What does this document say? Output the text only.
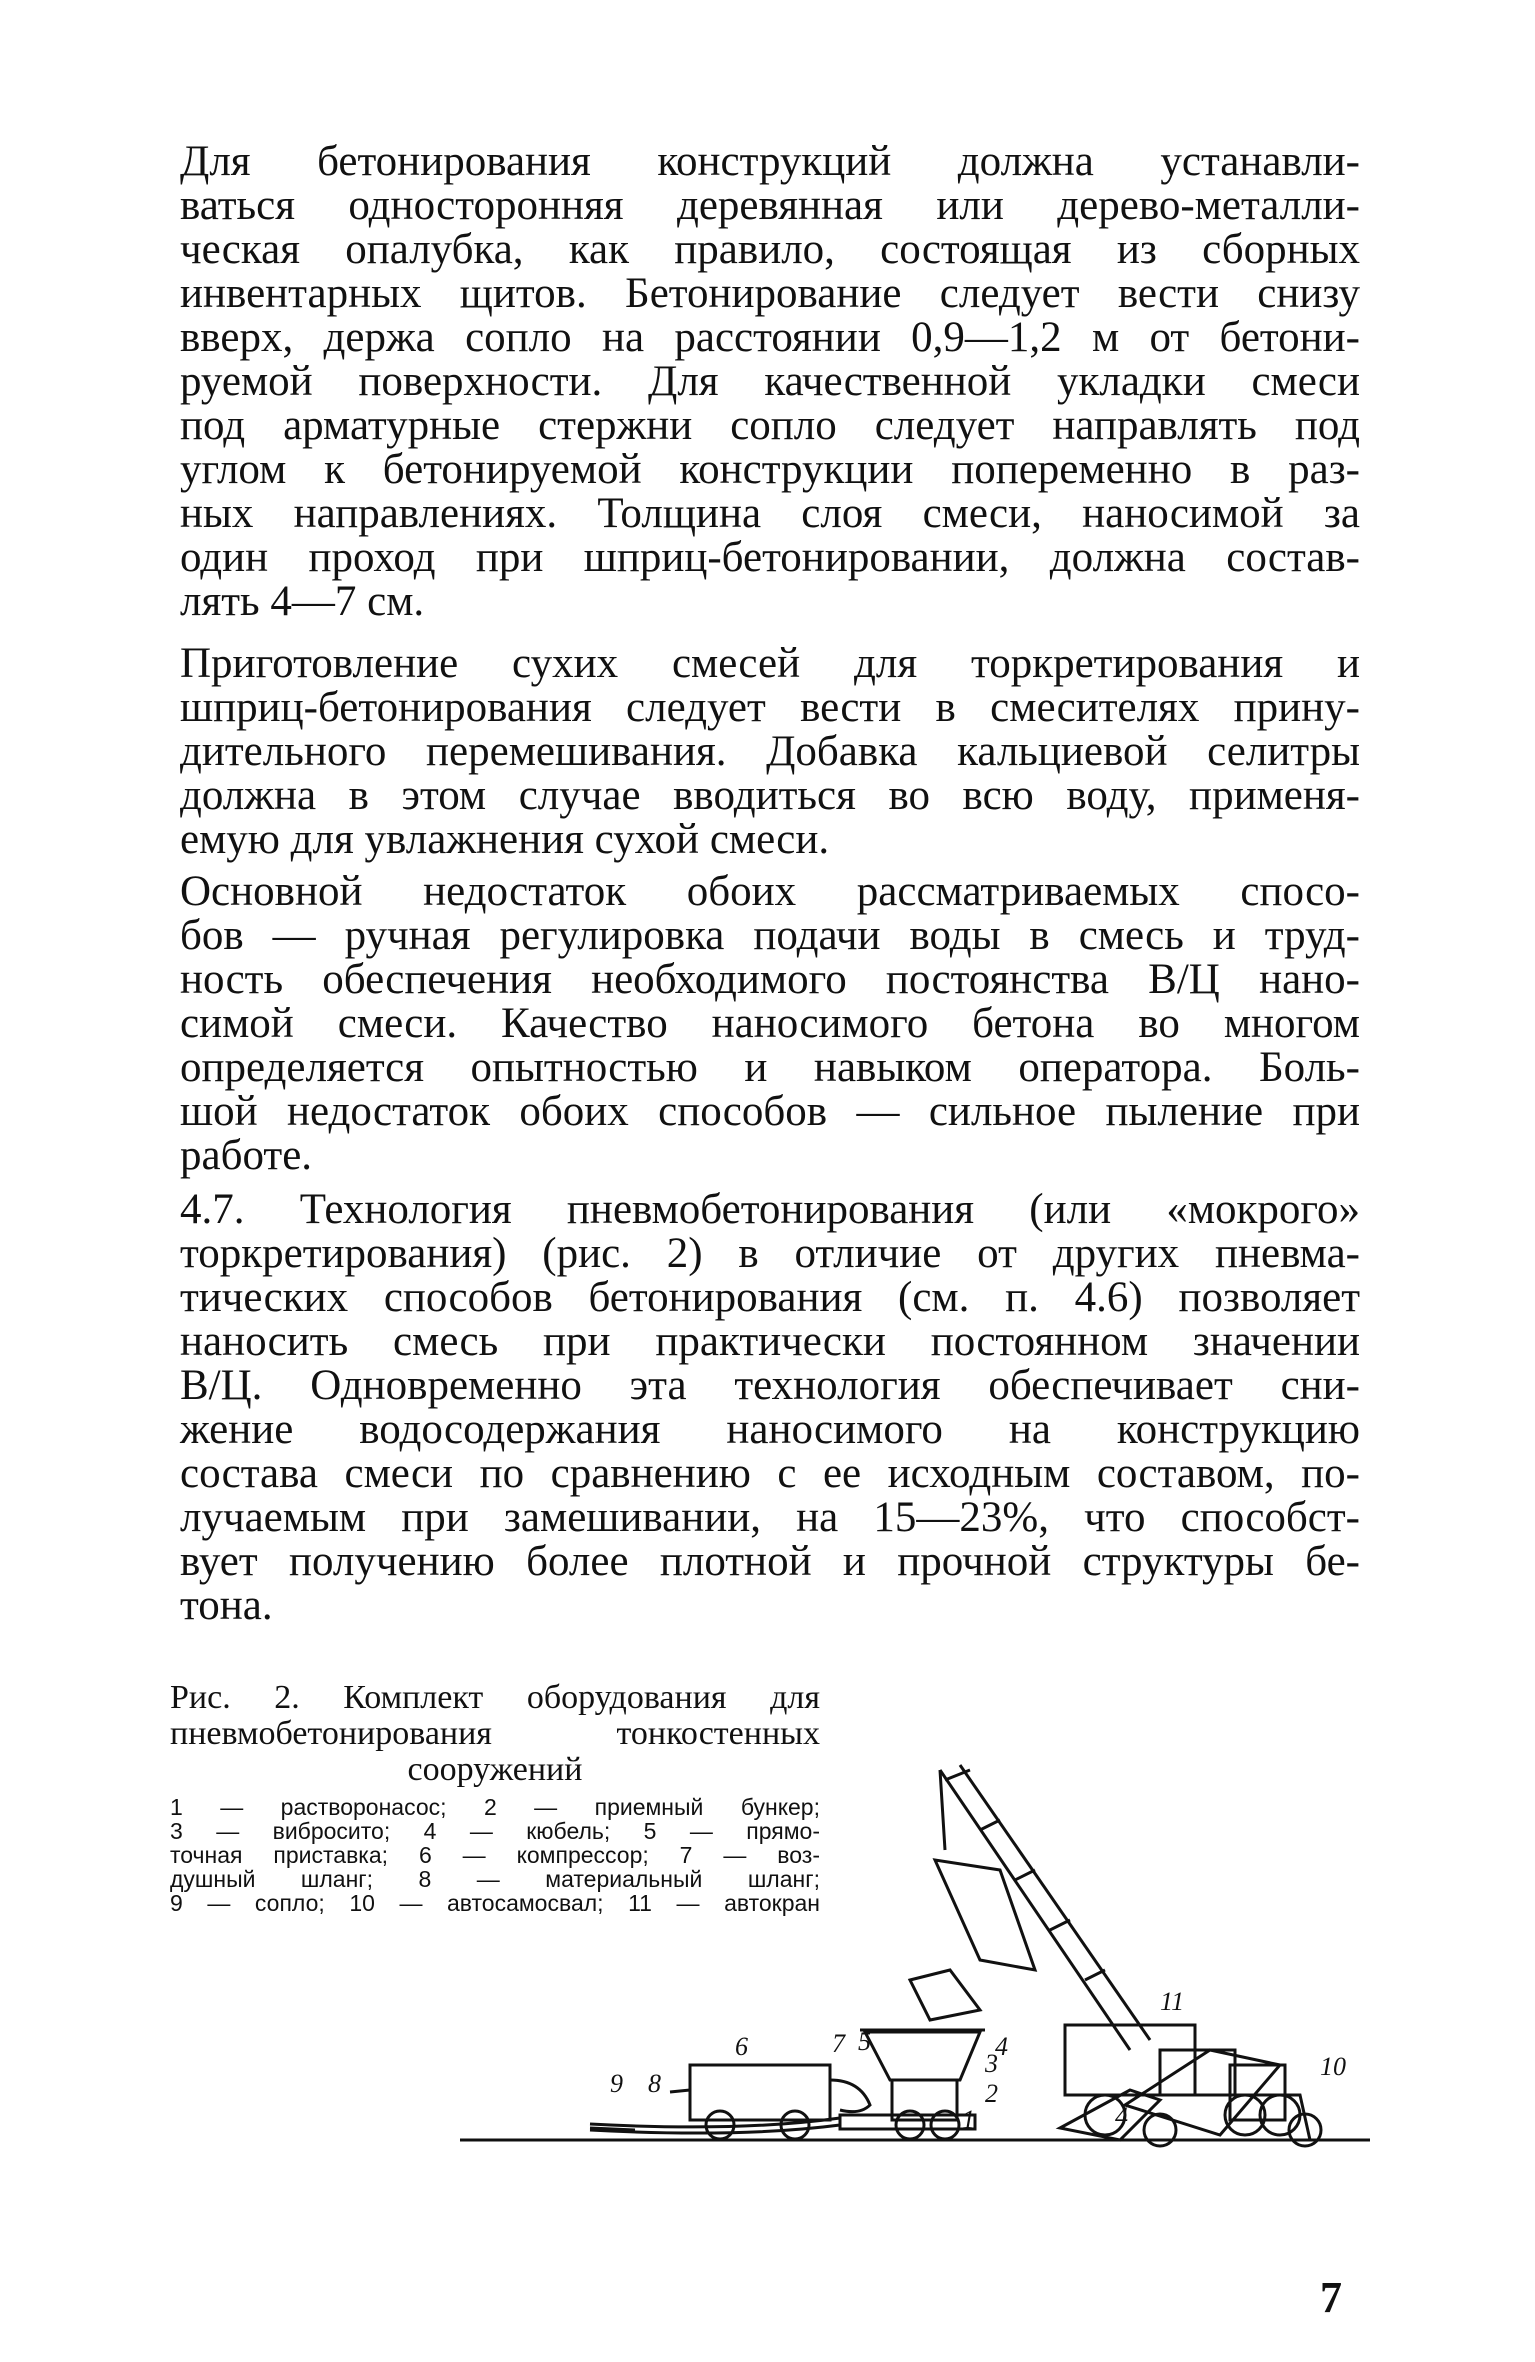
Для бетонирования конструкций должна устанавли-
ваться односторонняя деревянная или дерево-металли-
ческая опалубка, как правило, состоящая из сборных
инвентарных щитов. Бетонирование следует вести снизу
вверх, держа сопло на расстоянии 0,9—1,2 м от бетони-
руемой поверхности. Для качественной укладки смеси
под арматурные стержни сопло следует направлять под
углом к бетонируемой конструкции попеременно в раз-
ных направлениях. Толщина слоя смеси, наносимой за
один проход при шприц-бетонировании, должна состав-
лять 4—7 см.

Приготовление сухих смесей для торкретирования и
шприц-бетонирования следует вести в смесителях прину-
дительного перемешивания. Добавка кальциевой селитры
должна в этом случае вводиться во всю воду, применя-
емую для увлажнения сухой смеси.

Основной недостаток обоих рассматриваемых спосо-
бов — ручная регулировка подачи воды в смесь и труд-
ность обеспечения необходимого постоянства В/Ц нано-
симой смеси. Качество наносимого бетона во многом
определяется опытностью и навыком оператора. Боль-
шой недостаток обоих способов — сильное пыление при
работе.

4.7. Технология пневмобетонирования (или «мокрого»
торкретирования) (рис. 2) в отличие от других пневма-
тических способов бетонирования (см. п. 4.6) позволяет
наносить смесь при практически постоянном значении
В/Ц. Одновременно эта технология обеспечивает сни-
жение водосодержания наносимого на конструкцию
состава смеси по сравнению с ее исходным составом, по-
лучаемым при замешивании, на 15—23%, что способст-
вует получению более плотной и прочной структуры бе-
тона.

Рис. 2. Комплект оборудования для
пневмобетонирования тонкостенных
сооружений
1 — растворонасос; 2 — приемный бункер;
3 — вибросито; 4 — кюбель; 5 — прямо-
точная приставка; 6 — компрессор; 7 — воз-
душный шланг; 8 — материальный шланг;
9 — сопло; 10 — автосамосвал; 11 — автокран
1
2
3
4
4
5
6	7
8
9
10
11
7
